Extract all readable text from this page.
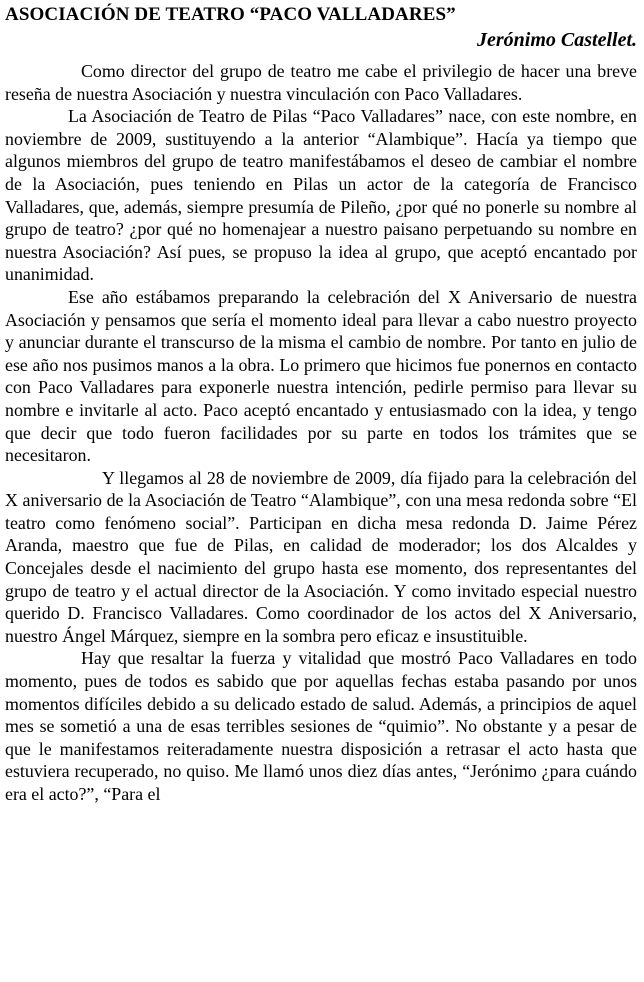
ASOCIACIÓN DE TEATRO “PACO VALLADARES”
Jerónimo Castellet.

Como director del grupo de teatro me cabe el privilegio de hacer una breve reseña de nuestra Asociación y nuestra vinculación con Paco Valladares.

La Asociación de Teatro de Pilas “Paco Valladares” nace, con este nombre, en noviembre de 2009, sustituyendo a la anterior “Alambique”. Hacía ya tiempo que algunos miembros del grupo de teatro manifestábamos el deseo de cambiar el nombre de la Asociación, pues teniendo en Pilas un actor de la categoría de Francisco Valladares, que, además, siempre presumía de Pileño, ¿por qué no ponerle su nombre al grupo de teatro? ¿por qué no homenajear a nuestro paisano perpetuando su nombre en nuestra Asociación? Así pues, se propuso la idea al grupo, que aceptó encantado por unanimidad.

Ese año estábamos preparando la celebración del X Aniversario de nuestra Asociación y pensamos que sería el momento ideal para llevar a cabo nuestro proyecto y anunciar durante el transcurso de la misma el cambio de nombre. Por tanto en julio de ese año nos pusimos manos a la obra. Lo primero que hicimos fue ponernos en contacto con Paco Valladares para exponerle nuestra intención, pedirle permiso para llevar su nombre e invitarle al acto. Paco aceptó encantado y entusiasmado con la idea, y tengo que decir que todo fueron facilidades por su parte en todos los trámites que se necesitaron.

Y llegamos al 28 de noviembre de 2009, día fijado para la celebración del X aniversario de la Asociación de Teatro “Alambique”, con una mesa redonda sobre “El teatro como fenómeno social”. Participan en dicha mesa redonda D. Jaime Pérez Aranda, maestro que fue de Pilas, en calidad de moderador; los dos Alcaldes y Concejales desde el nacimiento del grupo hasta ese momento, dos representantes del grupo de teatro y el actual director de la Asociación. Y como invitado especial nuestro querido D. Francisco Valladares. Como coordinador de los actos del X Aniversario, nuestro Ángel Márquez, siempre en la sombra pero eficaz e insustituible.

Hay que resaltar la fuerza y vitalidad que mostró Paco Valladares en todo momento, pues de todos es sabido que por aquellas fechas estaba pasando por unos momentos difíciles debido a su delicado estado de salud. Además, a principios de aquel mes se sometió a una de esas terribles sesiones de “quimio”. No obstante y a pesar de que le manifestamos reiteradamente nuestra disposición a retrasar el acto hasta que estuviera recuperado, no quiso. Me llamó unos diez días antes, “Jerónimo ¿para cuándo era el acto?”, “Para el
